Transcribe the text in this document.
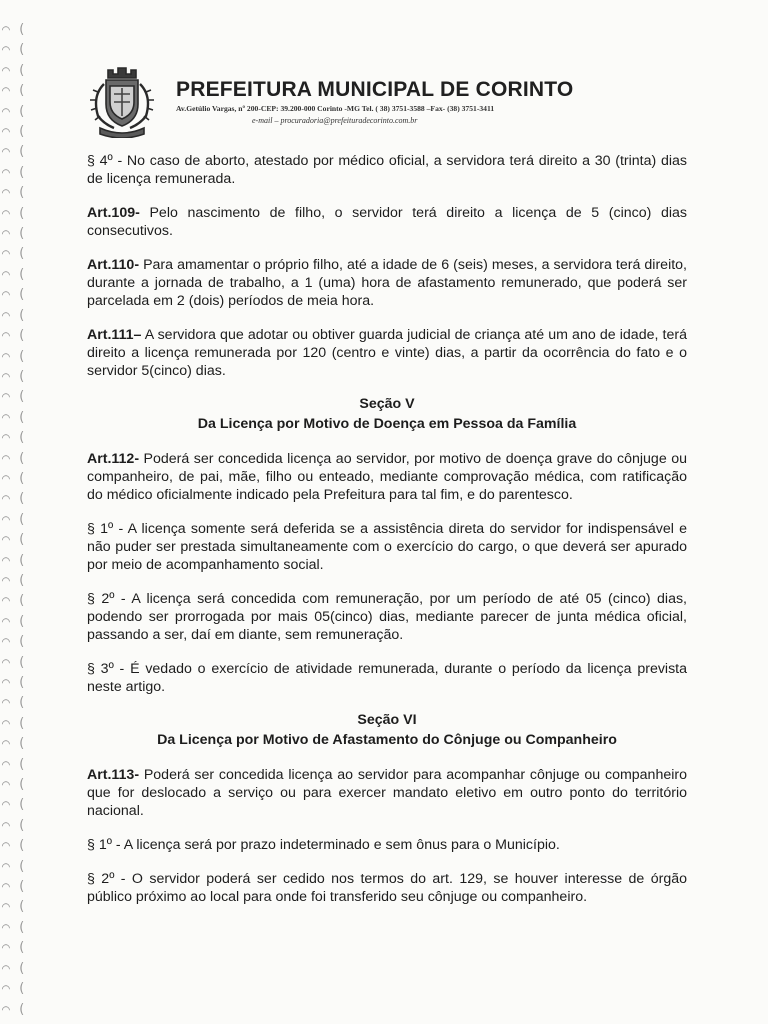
⌒ (
⌒ (
⌒ (
⌒ (
⌒ (
⌒ (
⌒ (
⌒ (
⌒ (
⌒ (
⌒ (
⌒ (
⌒ (
⌒ (
⌒ (
⌒ (
⌒ (
⌒ (
⌒ (
⌒ (
⌒ (
⌒ (
⌒ (
⌒ (
⌒ (
⌒ (
⌒ (
⌒ (
⌒ (
⌒ (
⌒ (
⌒ (
⌒ (
⌒ (
⌒ (
⌒ (
⌒ (
⌒ (
⌒ (
⌒ (
⌒ (
⌒ (
⌒ (
⌒ (
⌒ (
⌒ (
⌒ (
⌒ (
⌒ (
PREFEITURA MUNICIPAL DE CORINTO
Av.Getúlio Vargas, nº 200-CEP: 39.200-000 Corinto -MG Tel. ( 38) 3751-3588 –Fax- (38) 3751-3411
e-mail – procuradoria@prefeituradecorinto.com.br

§ 4º - No caso de aborto, atestado por médico oficial, a servidora terá direito a 30 (trinta) dias de licença remunerada.

Art.109- Pelo nascimento de filho, o servidor terá direito a licença de 5 (cinco) dias consecutivos.

Art.110- Para amamentar o próprio filho, até a idade de 6 (seis) meses, a servidora terá direito, durante a jornada de trabalho, a 1 (uma) hora de afastamento remunerado, que poderá ser parcelada em 2 (dois) períodos de meia hora.

Art.111– A servidora que adotar ou obtiver guarda judicial de criança até um ano de idade, terá direito a licença remunerada por 120 (centro e vinte) dias, a partir da ocorrência do fato e o servidor 5(cinco) dias.

Seção V
Da Licença por Motivo de Doença em Pessoa da Família

Art.112- Poderá ser concedida licença ao servidor, por motivo de doença grave do cônjuge ou companheiro, de pai, mãe, filho ou enteado, mediante comprovação médica, com ratificação do médico oficialmente indicado pela Prefeitura para tal fim, e do parentesco.

§ 1º - A licença somente será deferida se a assistência direta do servidor for indispensável e não puder ser prestada simultaneamente com o exercício do cargo, o que deverá ser apurado por meio de acompanhamento social.

§ 2º - A licença será concedida com remuneração, por um período de até 05 (cinco) dias, podendo ser prorrogada por mais 05(cinco) dias, mediante parecer de junta médica oficial, passando a ser, daí em diante, sem remuneração.

§ 3º - É vedado o exercício de atividade remunerada, durante o período da licença prevista neste artigo.

Seção VI
Da Licença por Motivo de Afastamento do Cônjuge ou Companheiro

Art.113- Poderá ser concedida licença ao servidor para acompanhar cônjuge ou companheiro que for deslocado a serviço ou para exercer mandato eletivo em outro ponto do território nacional.

§ 1º - A licença será por prazo indeterminado e sem ônus para o Município.

§ 2º - O servidor poderá ser cedido nos termos do art. 129, se houver interesse de órgão público próximo ao local para onde foi transferido seu cônjuge ou companheiro.
